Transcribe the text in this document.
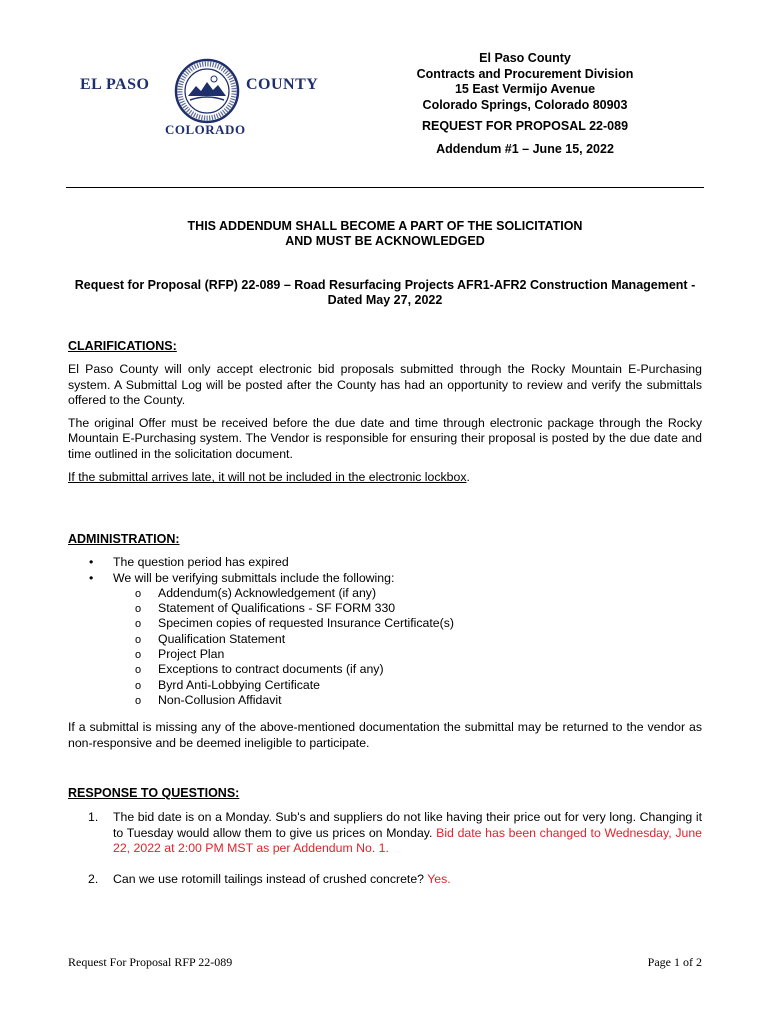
EL PASO	COUNTY
COLORADO
El Paso County
Contracts and Procurement Division
15 East Vermijo Avenue
Colorado Springs, Colorado 80903
REQUEST FOR PROPOSAL 22-089
Addendum #1 – June 15, 2022
THIS ADDENDUM SHALL BECOME A PART OF THE SOLICITATION
AND MUST BE ACKNOWLEDGED
Request for Proposal (RFP) 22-089 – Road Resurfacing Projects AFR1-AFR2 Construction Management -
Dated May 27, 2022
CLARIFICATIONS:
El Paso County will only accept electronic bid proposals submitted through the Rocky Mountain E-Purchasing system. A Submittal Log will be posted after the County has had an opportunity to review and verify the submittals offered to the County.
The original Offer must be received before the due date and time through electronic package through the Rocky Mountain E-Purchasing system. The Vendor is responsible for ensuring their proposal is posted by the due date and time outlined in the solicitation document.
If the submittal arrives late, it will not be included in the electronic lockbox.
ADMINISTRATION:
• The question period has expired
• We will be verifying submittals include the following:
o Addendum(s) Acknowledgement (if any)
o Statement of Qualifications - SF FORM 330
o Specimen copies of requested Insurance Certificate(s)
o Qualification Statement
o Project Plan
o Exceptions to contract documents (if any)
o Byrd Anti-Lobbying Certificate
o Non-Collusion Affidavit
If a submittal is missing any of the above-mentioned documentation the submittal may be returned to the vendor as non-responsive and be deemed ineligible to participate.
RESPONSE TO QUESTIONS:
1. The bid date is on a Monday. Sub's and suppliers do not like having their price out for very long. Changing it to Tuesday would allow them to give us prices on Monday. Bid date has been changed to Wednesday, June 22, 2022 at 2:00 PM MST as per Addendum No. 1.
2. Can we use rotomill tailings instead of crushed concrete? Yes.
Request For Proposal RFP 22-089	Page 1 of 2
